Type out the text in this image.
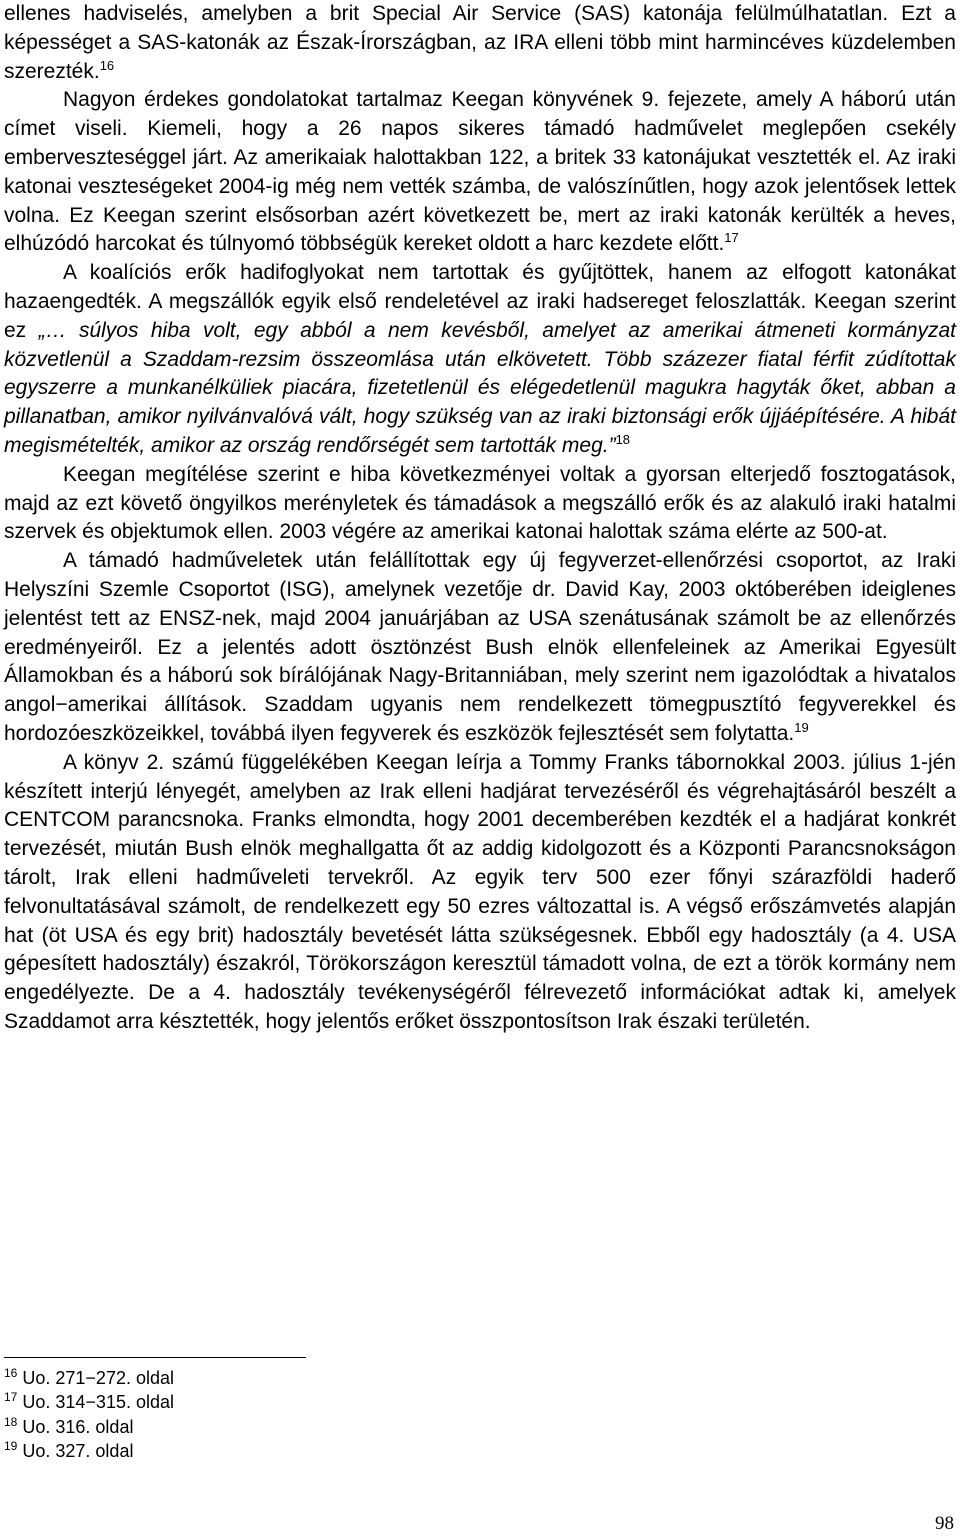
ellenes hadviselés, amelyben a brit Special Air Service (SAS) katonája felülmúlhatatlan. Ezt a képességet a SAS-katonák az Észak-Írországban, az IRA elleni több mint harmincéves küzdelemben szerezték.$^{16}$

Nagyon érdekes gondolatokat tartalmaz Keegan könyvének 9. fejezete, amely A háború után címet viseli. Kiemeli, hogy a 26 napos sikeres támadó hadművelet meglepően csekély emberveszteséggel járt. Az amerikaiak halottakban 122, a britek 33 katonájukat vesztették el. Az iraki katonai veszteségeket 2004-ig még nem vették számba, de valószínűtlen, hogy azok jelentősek lettek volna. Ez Keegan szerint elsősorban azért következett be, mert az iraki katonák kerülték a heves, elhúzódó harcokat és túlnyomó többségük kereket oldott a harc kezdete előtt.$^{17}$

A koalíciós erők hadifoglyokat nem tartottak és gyűjtöttek, hanem az elfogott katonákat hazaengedték. A megszállók egyik első rendeletével az iraki hadsereget feloszlatták. Keegan szerint ez „… súlyos hiba volt, egy abból a nem kevésből, amelyet az amerikai átmeneti kormányzat közvetlenül a Szaddam-rezsim összeomlása után elkövetett. Több százezer fiatal férfit zúdítottak egyszerre a munkanélküliek piacára, fizetetlenül és elégedetlenül magukra hagyták őket, abban a pillanatban, amikor nyilvánvalóvá vált, hogy szükség van az iraki biztonsági erők újjáépítésére. A hibát megismételték, amikor az ország rendőrségét sem tartották meg.”$^{18}$

Keegan megítélése szerint e hiba következményei voltak a gyorsan elterjedő fosztogatások, majd az ezt követő öngyilkos merényletek és támadások a megszálló erők és az alakuló iraki hatalmi szervek és objektumok ellen. 2003 végére az amerikai katonai halottak száma elérte az 500-at.

A támadó hadműveletek után felállítottak egy új fegyverzet-ellenőrzési csoportot, az Iraki Helyszíni Szemle Csoportot (ISG), amelynek vezetője dr. David Kay, 2003 októberében ideiglenes jelentést tett az ENSZ-nek, majd 2004 januárjában az USA szenátusának számolt be az ellenőrzés eredményeiről. Ez a jelentés adott ösztönzést Bush elnök ellenfeleinek az Amerikai Egyesült Államokban és a háború sok bírálójának Nagy-Britanniában, mely szerint nem igazolódtak a hivatalos angol−amerikai állítások. Szaddam ugyanis nem rendelkezett tömegpusztító fegyverekkel és hordozóeszközeikkel, továbbá ilyen fegyverek és eszközök fejlesztését sem folytatta.$^{19}$

A könyv 2. számú függelékében Keegan leírja a Tommy Franks tábornokkal 2003. július 1-jén készített interjú lényegét, amelyben az Irak elleni hadjárat tervezéséről és végrehajtásáról beszélt a CENTCOM parancsnoka. Franks elmondta, hogy 2001 decemberében kezdték el a hadjárat konkrét tervezését, miután Bush elnök meghallgatta őt az addig kidolgozott és a Központi Parancsnokságon tárolt, Irak elleni hadműveleti tervekről. Az egyik terv 500 ezer főnyi szárazföldi haderő felvonultatásával számolt, de rendelkezett egy 50 ezres változattal is. A végső erőszámvetés alapján hat (öt USA és egy brit) hadosztály bevetését látta szükségesnek. Ebből egy hadosztály (a 4. USA gépesített hadosztály) északról, Törökországon keresztül támadott volna, de ezt a török kormány nem engedélyezte. De a 4. hadosztály tevékenységéről félrevezető információkat adtak ki, amelyek Szaddamot arra késztették, hogy jelentős erőket összpontosítson Irak északi területén.

$^{16}$ Uo. 271−272. oldal
$^{17}$ Uo. 314−315. oldal
$^{18}$ Uo. 316. oldal
$^{19}$ Uo. 327. oldal
98
